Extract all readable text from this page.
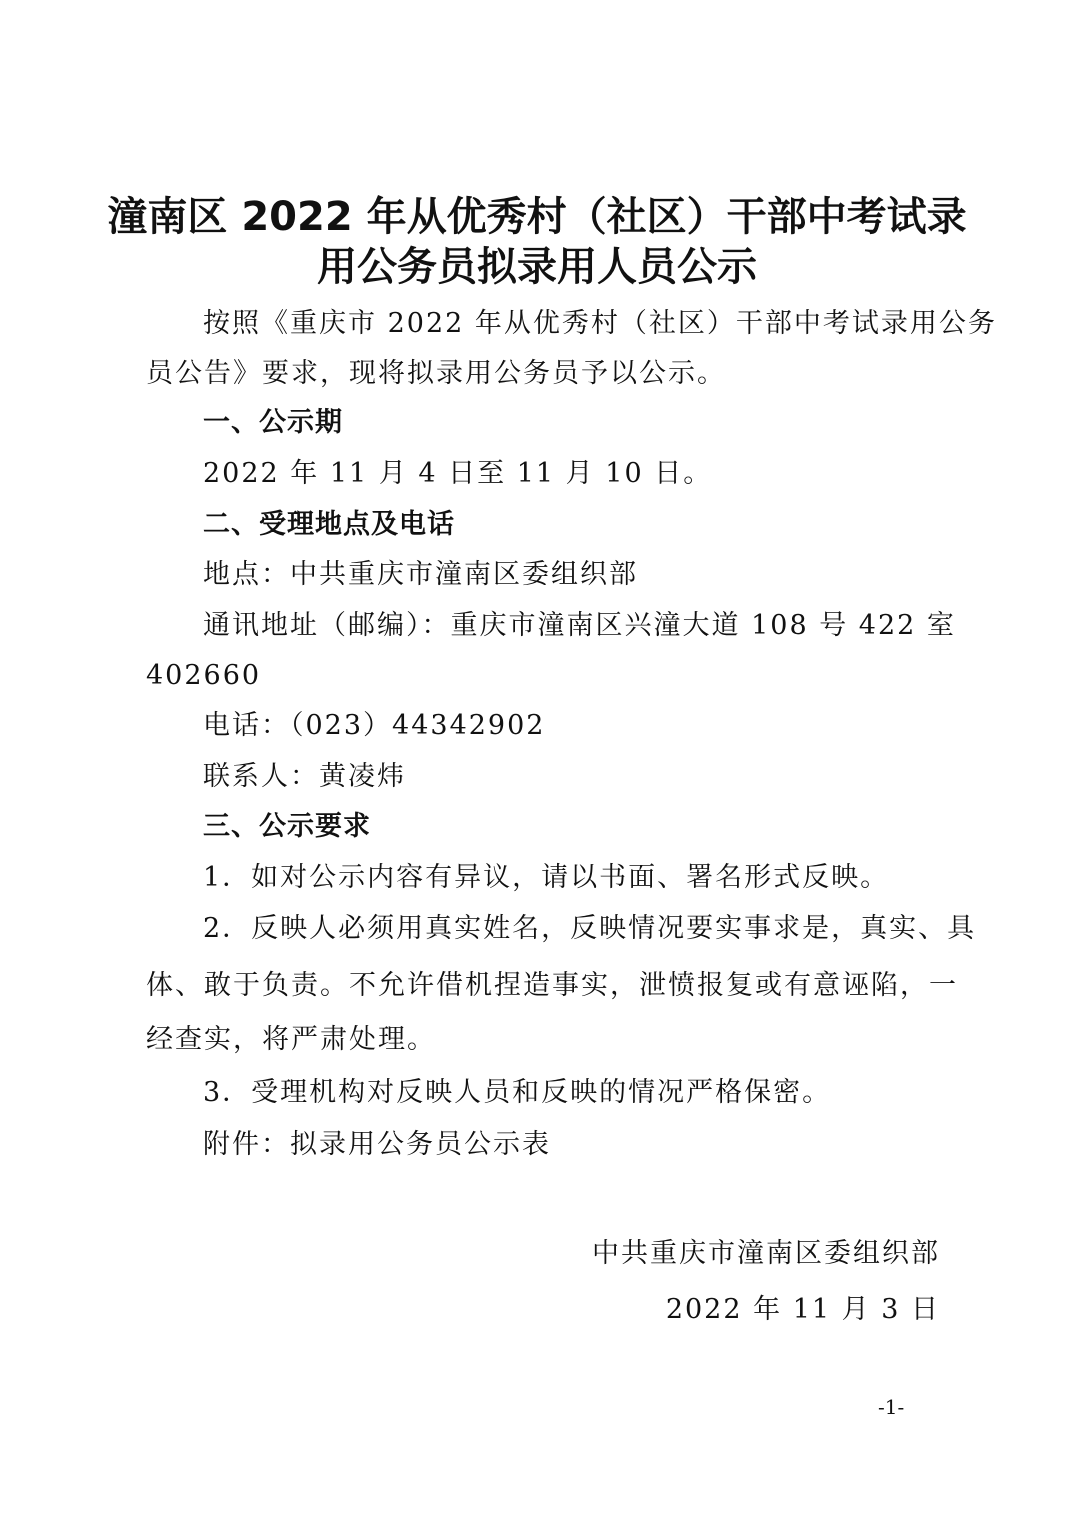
潼南区 2022 年从优秀村（社区）干部中考试录
用公务员拟录用人员公示
按照《重庆市 2022 年从优秀村（社区）干部中考试录用公务
员公告》要求，现将拟录用公务员予以公示。
一、公示期
2022 年 11 月 4 日至 11 月 10 日。
二、受理地点及电话
地点：中共重庆市潼南区委组织部
通讯地址（邮编）：重庆市潼南区兴潼大道 108 号 422 室
402660
电话：（023）44342902
联系人：黄凌炜
三、公示要求
1．如对公示内容有异议，请以书面、署名形式反映。
2．反映人必须用真实姓名，反映情况要实事求是，真实、具
体、敢于负责。不允许借机捏造事实，泄愤报复或有意诬陷，一
经查实，将严肃处理。
3．受理机构对反映人员和反映的情况严格保密。
附件：拟录用公务员公示表
中共重庆市潼南区委组织部
2022 年 11 月 3 日
-1-
